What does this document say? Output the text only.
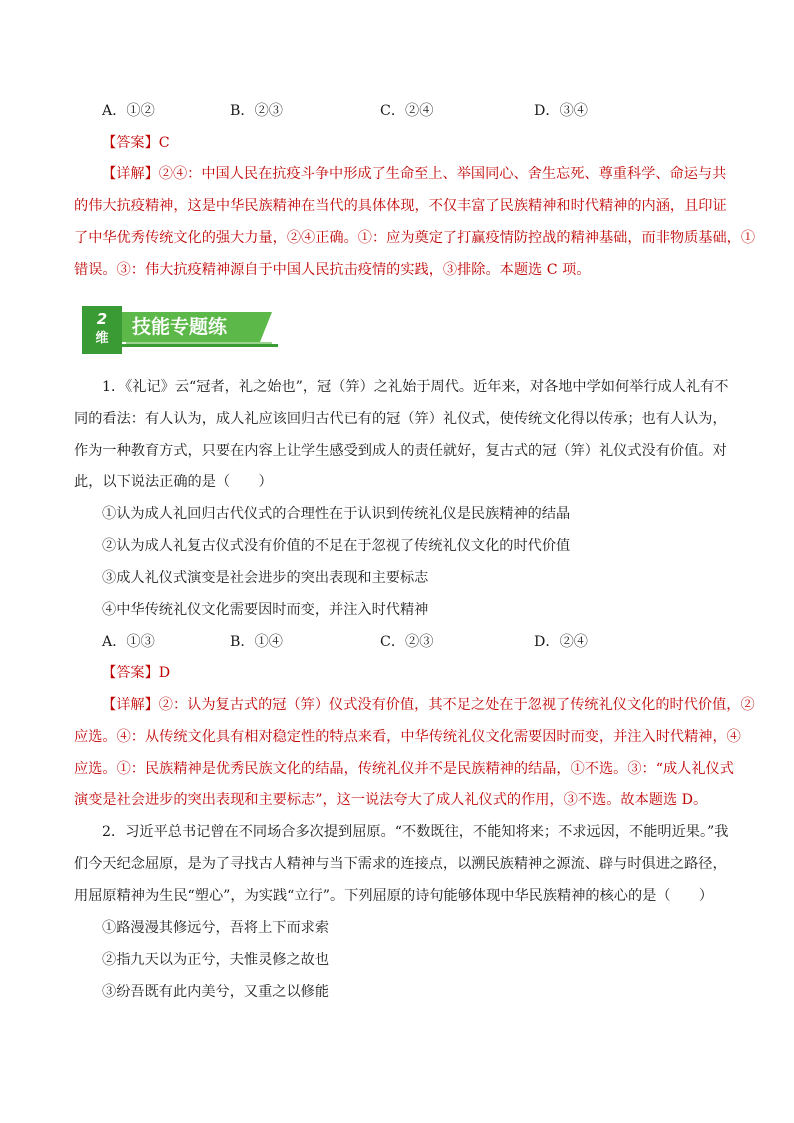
A．①②	B．②③	C．②④	D．③④
【答案】C
【详解】②④：中国人民在抗疫斗争中形成了生命至上、举国同心、舍生忘死、尊重科学、命运与共
的伟大抗疫精神，这是中华民族精神在当代的具体体现，不仅丰富了民族精神和时代精神的内涵，且印证
了中华优秀传统文化的强大力量，②④正确。①：应为奠定了打赢疫情防控战的精神基础，而非物质基础，①
错误。③：伟大抗疫精神源自于中国人民抗击疫情的实践，③排除。本题选 C 项。
2
维
技能专题练
1．《礼记》云“冠者，礼之始也”，冠（笄）之礼始于周代。近年来，对各地中学如何举行成人礼有不
同的看法：有人认为，成人礼应该回归古代已有的冠（笄）礼仪式，使传统文化得以传承；也有人认为，
作为一种教育方式，只要在内容上让学生感受到成人的责任就好，复古式的冠（笄）礼仪式没有价值。对
此，以下说法正确的是（　　）
①认为成人礼回归古代仪式的合理性在于认识到传统礼仪是民族精神的结晶
②认为成人礼复古仪式没有价值的不足在于忽视了传统礼仪文化的时代价值
③成人礼仪式演变是社会进步的突出表现和主要标志
④中华传统礼仪文化需要因时而变，并注入时代精神
A．①③	B．①④	C．②③	D．②④
【答案】D
【详解】②：认为复古式的冠（笄）仪式没有价值，其不足之处在于忽视了传统礼仪文化的时代价值，②
应选。④：从传统文化具有相对稳定性的特点来看，中华传统礼仪文化需要因时而变，并注入时代精神，④
应选。①：民族精神是优秀民族文化的结晶，传统礼仪并不是民族精神的结晶，①不选。③：“成人礼仪式
演变是社会进步的突出表现和主要标志”，这一说法夸大了成人礼仪式的作用，③不选。故本题选 D。
2．习近平总书记曾在不同场合多次提到屈原。“不数既往，不能知将来；不求远因，不能明近果。”我
们今天纪念屈原，是为了寻找古人精神与当下需求的连接点，以溯民族精神之源流、辟与时俱进之路径，
用屈原精神为生民“塑心”，为实践“立行”。下列屈原的诗句能够体现中华民族精神的核心的是（　　）
①路漫漫其修远兮，吾将上下而求索
②指九天以为正兮，夫惟灵修之故也
③纷吾既有此内美兮，又重之以修能
